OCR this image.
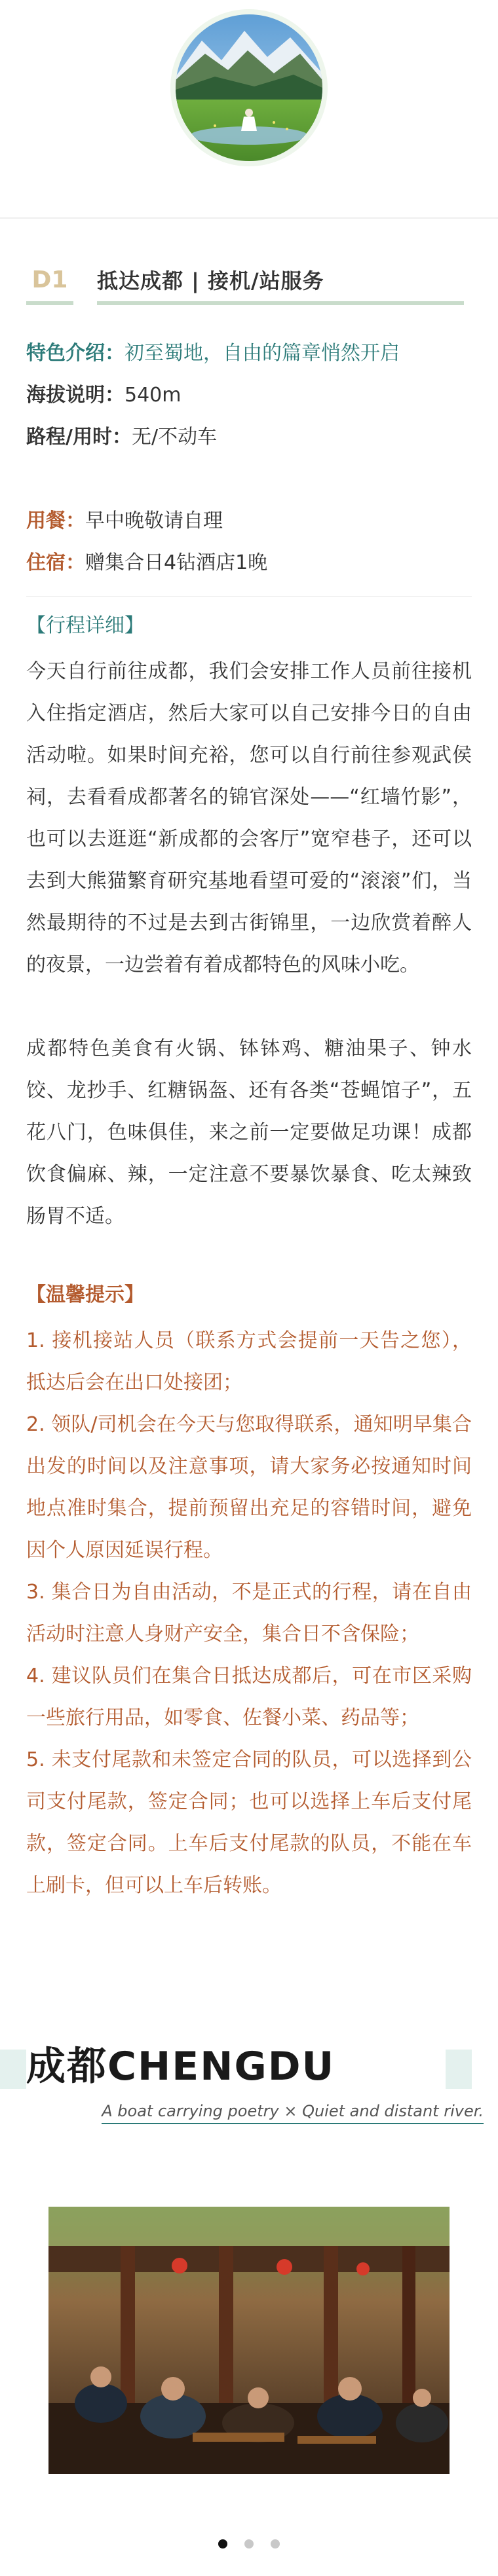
D1 抵达成都 | 接机/站服务
特色介绍：初至蜀地，自由的篇章悄然开启
海拔说明：540m
路程/用时：无/不动车
用餐：早中晚敬请自理
住宿：赠集合日4钻酒店1晚
【行程详细】

今天自行前往成都，我们会安排工作人员前往接机入住指定酒店，然后大家可以自己安排今日的自由活动啦。如果时间充裕，您可以自行前往参观武侯祠，去看看成都著名的锦官深处——“红墙竹影”，也可以去逛逛“新成都的会客厅”宽窄巷子，还可以去到大熊猫繁育研究基地看望可爱的“滚滚”们，当然最期待的不过是去到古街锦里，一边欣赏着醉人的夜景，一边尝着有着成都特色的风味小吃。

成都特色美食有火锅、钵钵鸡、糖油果子、钟水饺、龙抄手、红糖锅盔、还有各类“苍蝇馆子”，五花八门，色味俱佳，来之前一定要做足功课！成都饮食偏麻、辣，一定注意不要暴饮暴食、吃太辣致肠胃不适。

【温馨提示】
1. 接机接站人员（联系方式会提前一天告之您），抵达后会在出口处接团；
2. 领队/司机会在今天与您取得联系，通知明早集合出发的时间以及注意事项，请大家务必按通知时间地点准时集合，提前预留出充足的容错时间，避免因个人原因延误行程。
3. 集合日为自由活动，不是正式的行程，请在自由活动时注意人身财产安全，集合日不含保险；
4. 建议队员们在集合日抵达成都后，可在市区采购一些旅行用品，如零食、佐餐小菜、药品等；
5. 未支付尾款和未签定合同的队员，可以选择到公司支付尾款，签定合同；也可以选择上车后支付尾款，签定合同。上车后支付尾款的队员，不能在车上刷卡，但可以上车后转账。
成都CHENGDU
A boat carrying poetry × Quiet and distant river.
